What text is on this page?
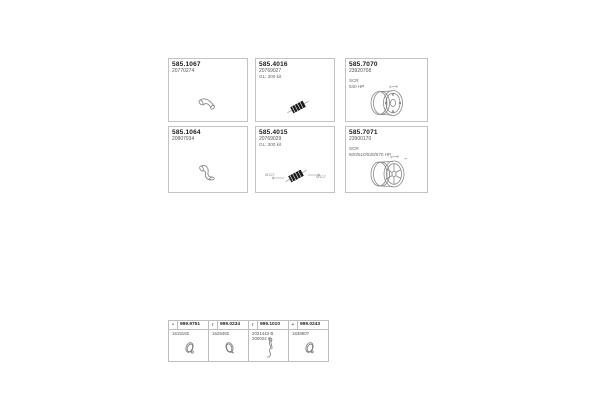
585.1067
20770274
585.4016
20769027
GL: 300 kit
585.7070
23920708
SCR
540 HP
585.1064
20807934
585.4015
20769029
GL: 300 kit
Ø127	Ø127
585.7071
23900170
SCR
500/510/530/570 HP
•	999.9751
1619192
r	999.0234
1629492
r	999.1010
2021443 B
200024 C
+	999.0243
1639907
